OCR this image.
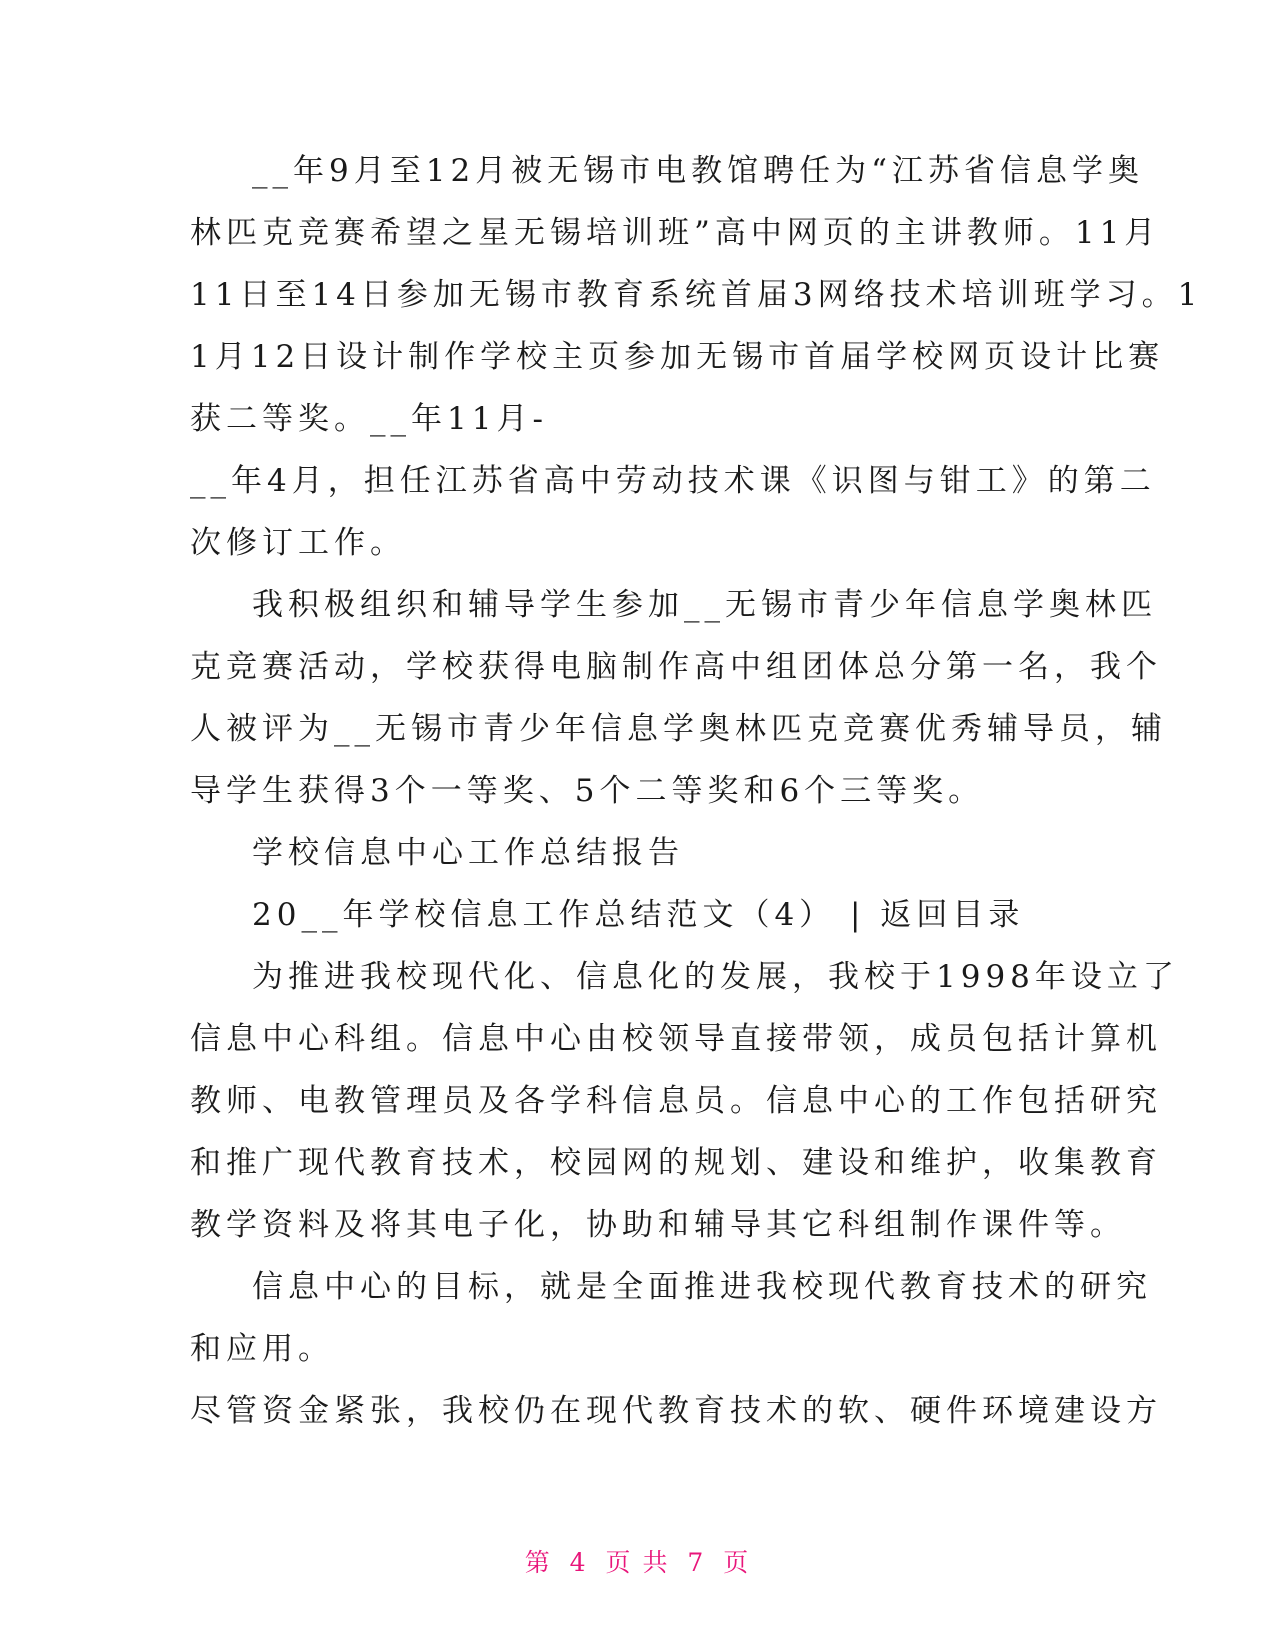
__年9月至12月被无锡市电教馆聘任为“江苏省信息学奥
林匹克竞赛希望之星无锡培训班”高中网页的主讲教师。11月
11日至14日参加无锡市教育系统首届3网络技术培训班学习。1
1月12日设计制作学校主页参加无锡市首届学校网页设计比赛
获二等奖。__年11月-
__年4月，担任江苏省高中劳动技术课《识图与钳工》的第二
次修订工作。
我积极组织和辅导学生参加__无锡市青少年信息学奥林匹
克竞赛活动，学校获得电脑制作高中组团体总分第一名，我个
人被评为__无锡市青少年信息学奥林匹克竞赛优秀辅导员，辅
导学生获得3个一等奖、5个二等奖和6个三等奖。
学校信息中心工作总结报告
20__年学校信息工作总结范文（4） | 返回目录
为推进我校现代化、信息化的发展，我校于1998年设立了
信息中心科组。信息中心由校领导直接带领，成员包括计算机
教师、电教管理员及各学科信息员。信息中心的工作包括研究
和推广现代教育技术，校园网的规划、建设和维护，收集教育
教学资料及将其电子化，协助和辅导其它科组制作课件等。
信息中心的目标，就是全面推进我校现代教育技术的研究
和应用。
尽管资金紧张，我校仍在现代教育技术的软、硬件环境建设方
第 4 页 共 7 页
